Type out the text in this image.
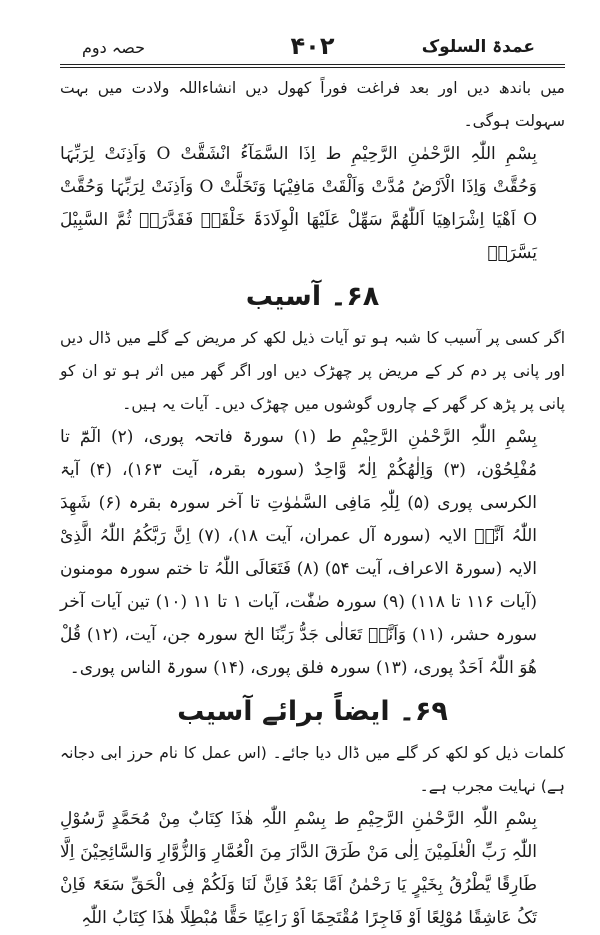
حصہ دوم	۴۰۲	عمدۃ السلوک

میں باندھ دیں اور بعد فراغت فوراً کھول دیں انشاءاللہ ولادت میں بہت سہولت ہوگی۔

بِسْمِ اللّٰہِ الرَّحْمٰنِ الرَّحِیْمِ ط اِذَا السَّمَآءُ انْشَقَّتْ O وَاَذِنَتْ لِرَبِّہَا وَحُقَّتْ وَاِذَا الْاَرْضُ مُدَّتْ وَاَلْقَتْ مَافِیْہَا وَتَخَلَّتْ O وَاَذِنَتْ لِرَبِّہَا وَحُقَّتْ O اَھْیَا اِشْرَاھِیَا اَللّٰھُمَّ سَھِّلْ عَلَیْھَا الْوِلَادَۃَ خَلْقَہٗ فَقَدَّرَہٗ ثُمَّ السَّبِیْلَ یَسَّرَہٗ

۶۸۔ آسیب

اگر کسی پر آسیب کا شبہ ہو تو آیات ذیل لکھ کر مریض کے گلے میں ڈال دیں اور پانی پر دم کر کے مریض پر چھڑک دیں اور اگر گھر میں اثر ہو تو ان کو پانی پر پڑھ کر گھر کے چاروں گوشوں میں چھڑک دیں۔ آیات یہ ہیں۔

بِسْمِ اللّٰہِ الرَّحْمٰنِ الرَّحِیْمِ ط (۱) سورۃ فاتحہ پوری، (۲) الٓمّٓ تا مُفْلِحُوْن، (۳) وَاِلٰھُکُمْ اِلٰہٌ وَّاحِدٌ (سورہ بقرہ، آیت ۱۶۳)، (۴) آیۃ الکرسی پوری (۵) لِلّٰہِ مَافِی السَّمٰوٰتِ تا آخر سورہ بقرہ (۶) شَھِدَ اللّٰہُ اَنَّہٗ الایہ (سورہ آل عمران، آیت ۱۸)، (۷) اِنَّ رَبَّکُمُ اللّٰہُ الَّذِیْ الایہ (سورۃ الاعراف، آیت ۵۴) (۸) فَتَعَالَی اللّٰہُ تا ختم سورہ مومنون (آیات ۱۱۶ تا ۱۱۸) (۹) سورہ صٰفّٰت، آیات ۱ تا ۱۱ (۱۰) تین آیات آخر سورہ حشر، (۱۱) وَاَنَّہٗ تَعَالٰی جَدُّ رَبِّنَا الخ سورہ جن، آیت، (۱۲) قُلْ ھُوَ اللّٰہُ اَحَدٌ پوری، (۱۳) سورہ فلق پوری، (۱۴) سورۃ الناس پوری۔

۶۹۔ ایضاً برائے آسیب

کلمات ذیل کو لکھ کر گلے میں ڈال دیا جائے۔ (اس عمل کا نام حرز ابی دجانہ ہے) نہایت مجرب ہے۔

بِسْمِ اللّٰہِ الرَّحْمٰنِ الرَّحِیْمِ ط بِسْمِ اللّٰہِ ھٰذَا کِتَابٌ مِنْ مُحَمَّدٍ رَّسُوْلِ اللّٰہِ رَبِّ الْعٰلَمِیْنَ اِلٰی مَنْ طَرَقَ الدَّارَ مِنَ الْعُمَّارِ وَالزُّوَّارِ وَالسَّائِحِیْنَ اِلَّا طَارِقًا یَّطْرُقُ بِخَیْرٍ یَا رَحْمٰنُ اَمَّا بَعْدُ فَاِنَّ لَنَا وَلَکُمْ فِی الْحَقِّ سَعَۃً فَاِنْ تَکُ عَاشِقًا مُوْلِعًا اَوْ فَاجِرًا مُقْتَحِمًا اَوْ رَاعِیًا حَقًّا مُبْطِلًا ھٰذَا کِتَابُ اللّٰہِ
